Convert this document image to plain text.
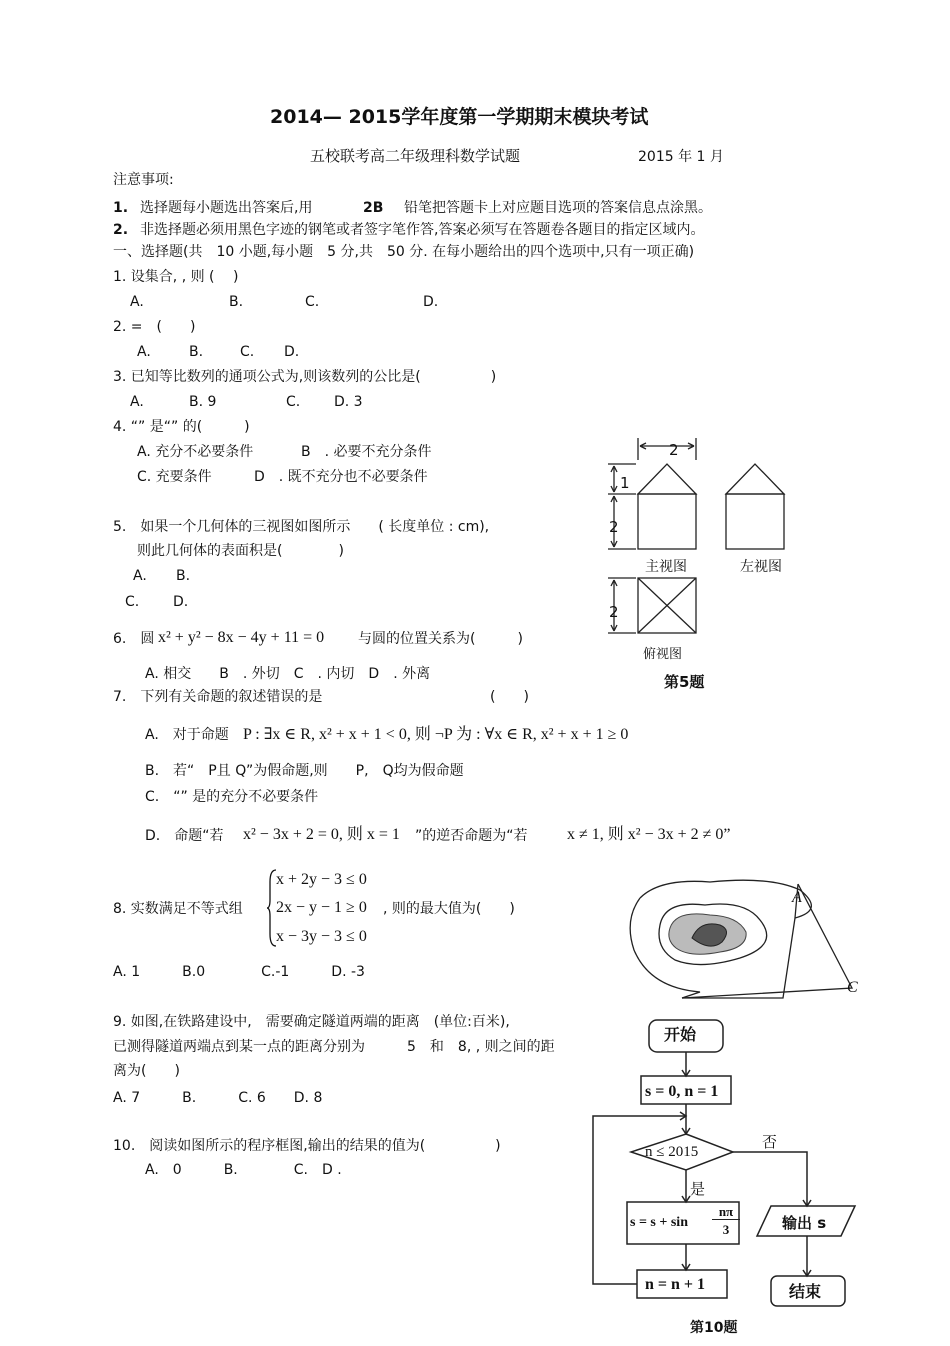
2014— 2015学年度第一学期期末模块考试
五校联考高二年级理科数学试题	2015 年 1 月
注意事项:
1. 选择题每小题选出答案后,用	2B 铅笔把答题卡上对应题目选项的答案信息点涂黑。
2. 非选择题必须用黑色字迹的钢笔或者签字笔作答,答案必须写在答题卷各题目的指定区域内。
一、选择题(共　10 小题,每小题　5 分,共　50 分. 在每小题给出的四个选项中,只有一项正确)
1. 设集合, , 则 (　 )
A.	B.	C.	D.
2. =　(　　)
A.	B.	C. D.
3. 已知等比数列的通项公式为,则该数列的公比是(　　　　　)
A.	B. 9	C. D. 3
4. “” 是“” 的(　　　)
A. 充分不必要条件	B　. 必要不充分条件
C. 充要条件	D　. 既不充分也不必要条件
5.　如果一个几何体的三视图如图所示　　( 长度单位 : cm),
则此几何体的表面积是(　　　　)
A. B.
C. D.
6.　圆 x² + y² − 8x − 4y + 11 = 0 与圆的位置关系为(　　　)
A. 相交　　B　. 外切　C　. 内切　D　. 外离
7.　下列有关命题的叙述错误的是	(　　)
A.　对于命题 P : ∃x ∈ R, x² + x + 1 < 0, 则 ¬P 为 : ∀x ∈ R, x² + x + 1 ≥ 0
B.　若“　P且 Q”为假命题,则　　P,　Q均为假命题
C.　“” 是的充分不必要条件
D.　命题“若 x² − 3x + 2 = 0, 则 x = 1 ”的逆否命题为“若 x ≠ 1, 则 x² − 3x + 2 ≠ 0”
8. 实数满足不等式组
x + 2y − 3 ≤ 0
2x − y − 1 ≥ 0
x − 3y − 3 ≤ 0
, 则的最大值为(　　)
A. 1　　　B.0　　　　C.-1　　　D. -3
9. 如图,在铁路建设中,　需要确定隧道两端的距离　(单位:百米),
已测得隧道两端点到某一点的距离分别为　　　5　和　8, , 则之间的距
离为(　　)
A. 7　　　B.　　　C. 6　　D. 8
10.　阅读如图所示的程序框图,输出的结果的值为(　　　　　)
A.　0　　　B.　　　　C.　D .
2
1
2
2
主视图	左视图
俯视图
第5题
A
C
开始
s = 0, n = 1
n ≤ 2015
否
是
s = s + sin
nπ
3	输出 s
n = n + 1	结束
第10题
